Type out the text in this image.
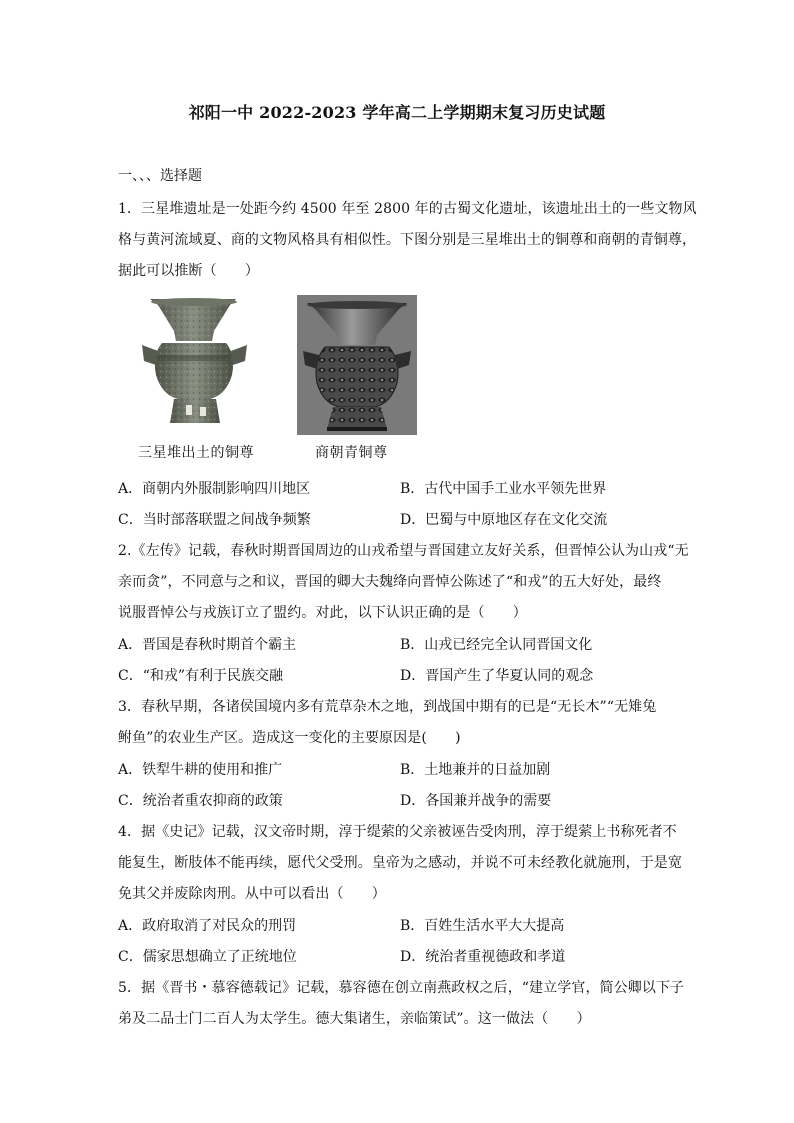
祁阳一中 2022-2023 学年高二上学期期末复习历史试题
一、、、选择题
1．三星堆遗址是一处距今约 4500 年至 2800 年的古蜀文化遗址，该遗址出土的一些文物风
格与黄河流域夏、商的文物风格具有相似性。下图分别是三星堆出土的铜尊和商朝的青铜尊，
据此可以推断（　　）
三星堆出土的铜尊	商朝青铜尊
A．商朝内外服制影响四川地区	B．古代中国手工业水平领先世界
C．当时部落联盟之间战争频繁	D．巴蜀与中原地区存在文化交流
2.《左传》记载，春秋时期晋国周边的山戎希望与晋国建立友好关系，但晋悼公认为山戎“无
亲而贪”，不同意与之和议，晋国的卿大夫魏绛向晋悼公陈述了“和戎”的五大好处，最终
说服晋悼公与戎族订立了盟约。对此，以下认识正确的是（　　）
A．晋国是春秋时期首个霸主	B．山戎已经完全认同晋国文化
C．“和戎”有利于民族交融	D．晋国产生了华夏认同的观念
3．春秋早期，各诸侯国境内多有荒草杂木之地，到战国中期有的已是“无长木”“无雉兔
鲋鱼”的农业生产区。造成这一变化的主要原因是(　　)
A．铁犁牛耕的使用和推广	B．土地兼并的日益加剧
C．统治者重农抑商的政策	D．各国兼并战争的需要
4．据《史记》记载，汉文帝时期，淳于缇萦的父亲被诬告受肉刑，淳于缇萦上书称死者不
能复生，断肢体不能再续，愿代父受刑。皇帝为之感动，并说不可未经教化就施刑，于是宽
免其父并废除肉刑。从中可以看出（　　）
A．政府取消了对民众的刑罚	B．百姓生活水平大大提高
C．儒家思想确立了正统地位	D．统治者重视德政和孝道
5．据《晋书・慕容德载记》记载，慕容德在创立南燕政权之后，“建立学官，简公卿以下子
弟及二品士门二百人为太学生。德大集诸生，亲临策试”。这一做法（　　）
